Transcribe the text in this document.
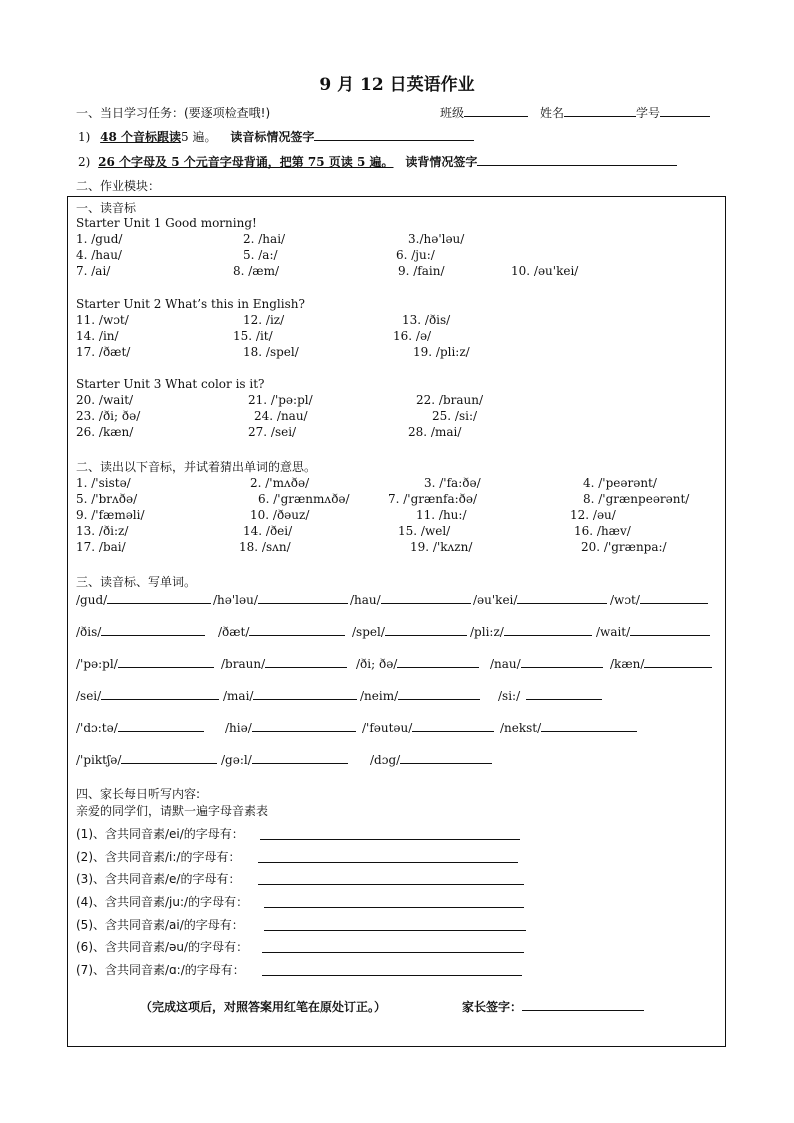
9 月 12 日英语作业
一、当日学习任务：(要逐项检查哦!)	班级	姓名	学号
1) 48 个音标跟读5 遍。 读音标情况签字
2) 26 个字母及 5 个元音字母背诵，把第 75 页读 5 遍。 读背情况签字
二、作业模块：
一、读音标
Starter Unit 1 Good morning!
1. /gud/	2. /hai/	3./hə'ləu/
4. /hau/	5. /a:/	6. /ju:/
7. /ai/	8. /æm/	9. /fain/	10. /əu'kei/
Starter Unit 2 What’s this in English?
11. /wɔt/	12. /iz/	13. /ðis/
14. /in/	15. /it/	16. /ə/
17. /ðæt/	18. /spel/	19. /pli:z/
Starter Unit 3 What color is it?
20. /wait/	21. /'pə:pl/	22. /braun/
23. /ði; ðə/	24. /nau/	25. /si:/
26. /kæn/	27. /sei/	28. /mai/
二、读出以下音标，并试着猜出单词的意思。
1. /'sistə/	2. /'mʌðə/	3. /'fa:ðə/	4. /'peərənt/
5. /'brʌðə/	6. /'grænmʌðə/	7. /'grænfa:ðə/	8. /'grænpeərənt/
9. /'fæməli/	10. /ðəuz/	11. /hu:/	12. /əu/
13. /ði:z/	14. /ðei/	15. /wel/	16. /hæv/
17. /bai/	18. /sʌn/	19. /'kʌzn/	20. /'grænpa:/
三、读音标、写单词。
/gud/	/hə'ləu/	/hau/	/əu'kei/	/wɔt/
/ðis/	/ðæt/	/spel/	/pli:z/	/wait/
/'pə:pl/	/braun/	/ði; ðə/	/nau/	/kæn/
/sei/	/mai/	/neim/	/si:/
/'dɔ:tə/	/hiə/	/'fəutəu/	/nekst/
/'piktʃə/	/gə:l/	/dɔg/
四、家长每日听写内容:
亲爱的同学们，请默一遍字母音素表
(1)、含共同音素/ei/的字母有：
(2)、含共同音素/i:/的字母有：
(3)、含共同音素/e/的字母有：
(4)、含共同音素/ju:/的字母有：
(5)、含共同音素/ai/的字母有：
(6)、含共同音素/əu/的字母有：
(7)、含共同音素/ɑ:/的字母有：
（完成这项后，对照答案用红笔在原处订正。）	家长签字：
